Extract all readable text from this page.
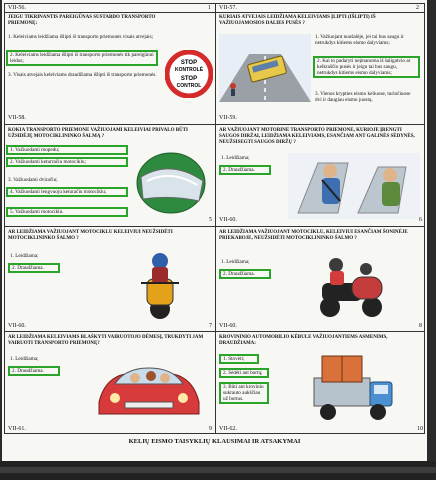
VII-56.	1
JEIGU TIKRINANTIS PAREIGŪNAS SUSTABDO TRANSPORTO PRIEMONĘ:
1. Keleiviams leidžiama išlipti iš transporto priemonės visais atvejais;
2. Keleiviams leidžiama išlipti iš transporto priemonės tik pareigūnui leidus;
3. Visais atvejais keleiviams draudžiama išlipti iš transporto priemonės.
STOP
KONTROLĖ
STOP
CONTROL
VII-58.
VII-57.	2
KURIAIS ATVEJAIS LEIDŽIAMA KELEIVIAMS ĮLIPTI (IŠLIPTI) IŠ VAŽIUOJAMOSIOS DALIES PUSĖS ?
1. Važiuojant nuošalėje, jei tai bus saugu ir netrukdys kitiems eismo dalyviams;
2. Kai to padaryti neįmanoma iš šaligatvio ar kelkraščio pusės ir jeigu tai bus saugu, netrukdys kitiems eismo dalyviams;
3. Vienos krypties eismo keliuose, turinčiuose dvi ir daugiau eismo juostų.
VII-59.
KOKIA TRANSPORTO PRIEMONE VAŽIUOJAMI KELEIVIAI PRIVALO BŪTI UŽSIDĖJĘ MOTOCIKLININKO ŠALMĄ ?
1. Važiuodami mopedu;
2. Važiuodami keturračiu motociklu;
3. Važiuodami dviračiu;
4. Važiuodami lengvuoju keturačiu motociklu;
5. Važiuodami motociklu.
5
AR VAŽIUOJANT MOTORINE TRANSPORTO PRIEMONE, KURIOJE ĮRENGTI SAUGOS DIRŽAI, LEIDŽIAMA KELEIVIAMS, ESANČIAM ANT GALINĖS SĖDYNĖS, NEUŽSISEGTI SAUGOS DIRŽŲ ?
1. Leidžiama;
2. Draudžiama.
VII-60.	6
AR LEIDŽIAMA VAŽIUOJANT MOTOCIKLU KELEIVIUI NEUŽSIDĖTI MOTOCIKLININKO ŠALMO ?
1. Leidžiama;
2. Draudžiama.
VII-60.	7
AR LEIDŽIAMA VAŽIUOJANT MOTOCIKLU, KELEIVIUI ESANČIAM ŠONINĖJE PRIEKABOJE, NEUŽSIDĖTI MOTOCIKLININKO ŠALMO ?
1. Leidžiama;
2. Draudžiama.
VII-60.	8
AR LEIDŽIAMA KELEIVIAMS BLAŠKYTI VAIRUOTOJO DĖMESĮ, TRUKDYTI JAM VAIRUOTI TRANSPORTO PRIEMONĘ?
1. Leidžiama;
2. Draudžiama.
VII-61.	9
KROVININIO AUTOMOBILIO KĖBULE VAŽIUOJANTIEMS ASMENIMS, DRAUDŽIAMA:
1. Stovėti;
2. Sėdėti ant bortų;
3. Būti ant krovinio sukrauto aukščiau už bortus.
VII-62.	10
KELIŲ EISMO TAISYKLIŲ KLAUSIMAI IR ATSAKYMAI
